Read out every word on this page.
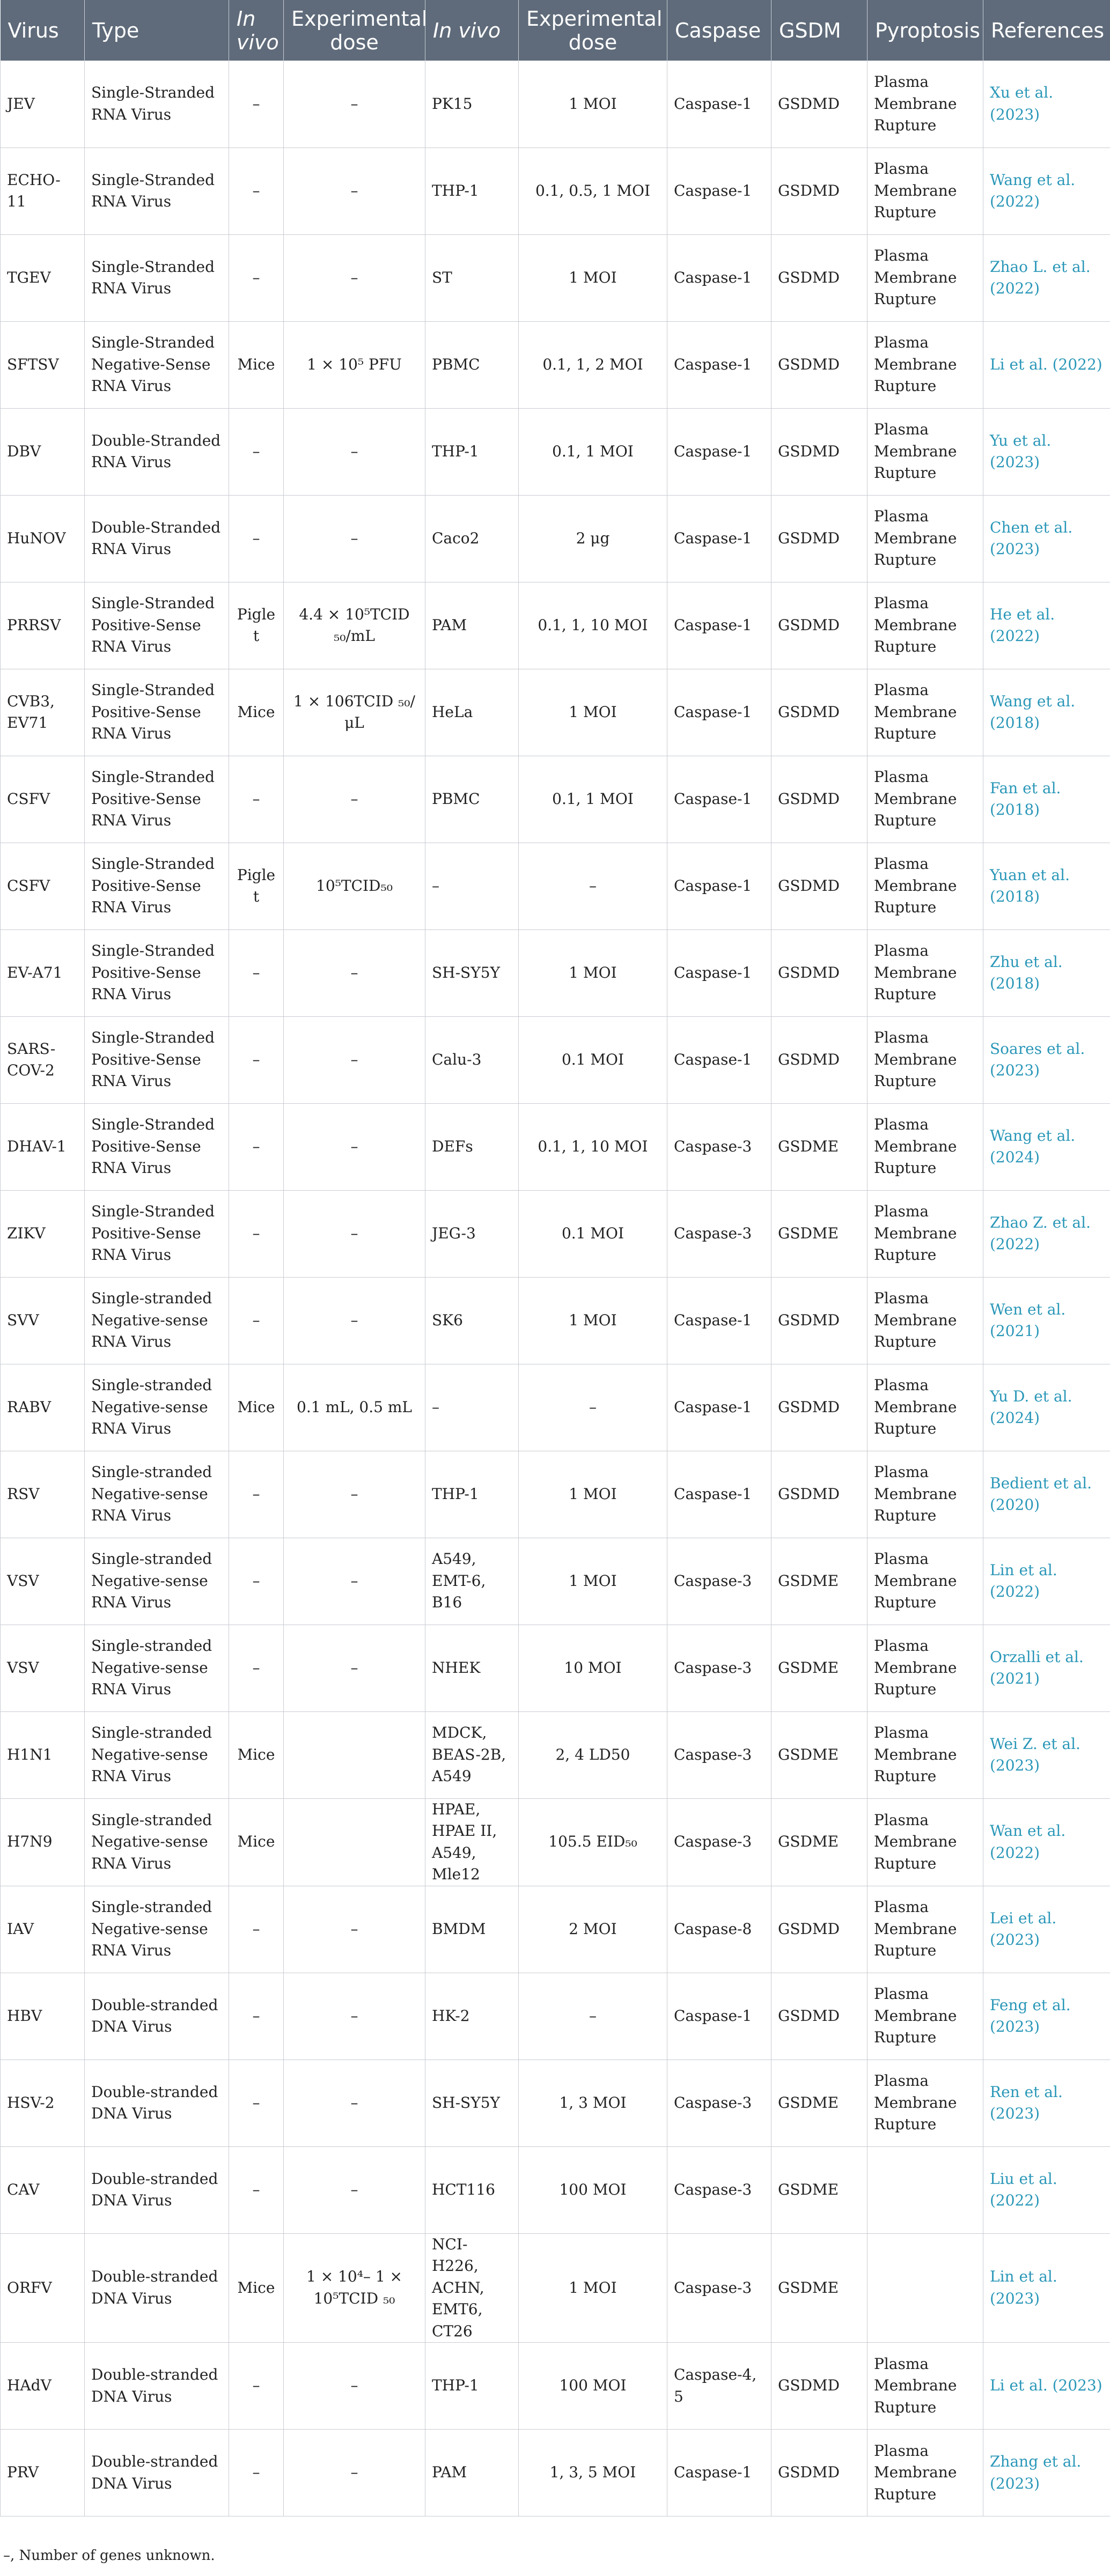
Virus	Type	In vivo	Experimental dose	In vivo	Experimental dose	Caspase	GSDM	Pyroptosis	References
JEV	Single-Stranded RNA Virus	–	–	PK15	1 MOI	Caspase-1	GSDMD	Plasma Membrane Rupture	Xu et al. (2023)
ECHO-11	Single-Stranded RNA Virus	–	–	THP-1	0.1, 0.5, 1 MOI	Caspase-1	GSDMD	Plasma Membrane Rupture	Wang et al. (2022)
TGEV	Single-Stranded RNA Virus	–	–	ST	1 MOI	Caspase-1	GSDMD	Plasma Membrane Rupture	Zhao L. et al. (2022)
SFTSV	Single-Stranded Negative-Sense RNA Virus	Mice	1 × 10⁵ PFU	PBMC	0.1, 1, 2 MOI	Caspase-1	GSDMD	Plasma Membrane Rupture	Li et al. (2022)
DBV	Double-Stranded RNA Virus	–	–	THP-1	0.1, 1 MOI	Caspase-1	GSDMD	Plasma Membrane Rupture	Yu et al. (2023)
HuNOV	Double-Stranded RNA Virus	–	–	Caco2	2 μg	Caspase-1	GSDMD	Plasma Membrane Rupture	Chen et al. (2023)
PRRSV	Single-Stranded Positive-Sense RNA Virus	Piglet	4.4 × 10⁵TCID ₅₀/mL	PAM	0.1, 1, 10 MOI	Caspase-1	GSDMD	Plasma Membrane Rupture	He et al. (2022)
CVB3, EV71	Single-Stranded Positive-Sense RNA Virus	Mice	1 × 106TCID ₅₀/μL	HeLa	1 MOI	Caspase-1	GSDMD	Plasma Membrane Rupture	Wang et al. (2018)
CSFV	Single-Stranded Positive-Sense RNA Virus	–	–	PBMC	0.1, 1 MOI	Caspase-1	GSDMD	Plasma Membrane Rupture	Fan et al. (2018)
CSFV	Single-Stranded Positive-Sense RNA Virus	Piglet	10⁵TCID₅₀	–	–	Caspase-1	GSDMD	Plasma Membrane Rupture	Yuan et al. (2018)
EV-A71	Single-Stranded Positive-Sense RNA Virus	–	–	SH-SY5Y	1 MOI	Caspase-1	GSDMD	Plasma Membrane Rupture	Zhu et al. (2018)
SARS-COV-2	Single-Stranded Positive-Sense RNA Virus	–	–	Calu-3	0.1 MOI	Caspase-1	GSDMD	Plasma Membrane Rupture	Soares et al. (2023)
DHAV-1	Single-Stranded Positive-Sense RNA Virus	–	–	DEFs	0.1, 1, 10 MOI	Caspase-3	GSDME	Plasma Membrane Rupture	Wang et al. (2024)
ZIKV	Single-Stranded Positive-Sense RNA Virus	–	–	JEG-3	0.1 MOI	Caspase-3	GSDME	Plasma Membrane Rupture	Zhao Z. et al. (2022)
SVV	Single-stranded Negative-sense RNA Virus	–	–	SK6	1 MOI	Caspase-1	GSDMD	Plasma Membrane Rupture	Wen et al. (2021)
RABV	Single-stranded Negative-sense RNA Virus	Mice	0.1 mL, 0.5 mL	–	–	Caspase-1	GSDMD	Plasma Membrane Rupture	Yu D. et al. (2024)
RSV	Single-stranded Negative-sense RNA Virus	–	–	THP-1	1 MOI	Caspase-1	GSDMD	Plasma Membrane Rupture	Bedient et al. (2020)
VSV	Single-stranded Negative-sense RNA Virus	–	–	A549, EMT-6, B16	1 MOI	Caspase-3	GSDME	Plasma Membrane Rupture	Lin et al. (2022)
VSV	Single-stranded Negative-sense RNA Virus	–	–	NHEK	10 MOI	Caspase-3	GSDME	Plasma Membrane Rupture	Orzalli et al. (2021)
H1N1	Single-stranded Negative-sense RNA Virus	Mice		MDCK, BEAS-2B, A549	2, 4 LD50	Caspase-3	GSDME	Plasma Membrane Rupture	Wei Z. et al. (2023)
H7N9	Single-stranded Negative-sense RNA Virus	Mice		HPAE, HPAE II, A549, Mle12	105.5 EID₅₀	Caspase-3	GSDME	Plasma Membrane Rupture	Wan et al. (2022)
IAV	Single-stranded Negative-sense RNA Virus	–	–	BMDM	2 MOI	Caspase-8	GSDMD	Plasma Membrane Rupture	Lei et al. (2023)
HBV	Double-stranded DNA Virus	–	–	HK-2	–	Caspase-1	GSDMD	Plasma Membrane Rupture	Feng et al. (2023)
HSV-2	Double-stranded DNA Virus	–	–	SH-SY5Y	1, 3 MOI	Caspase-3	GSDME	Plasma Membrane Rupture	Ren et al. (2023)
CAV	Double-stranded DNA Virus	–	–	HCT116	100 MOI	Caspase-3	GSDME		Liu et al. (2022)
ORFV	Double-stranded DNA Virus	Mice	1 × 10⁴– 1 × 10⁵TCID ₅₀	NCI-H226, ACHN, EMT6, CT26	1 MOI	Caspase-3	GSDME		Lin et al. (2023)
HAdV	Double-stranded DNA Virus	–	–	THP-1	100 MOI	Caspase-4, 5	GSDMD	Plasma Membrane Rupture	Li et al. (2023)
PRV	Double-stranded DNA Virus	–	–	PAM	1, 3, 5 MOI	Caspase-1	GSDMD	Plasma Membrane Rupture	Zhang et al. (2023)
–, Number of genes unknown.
